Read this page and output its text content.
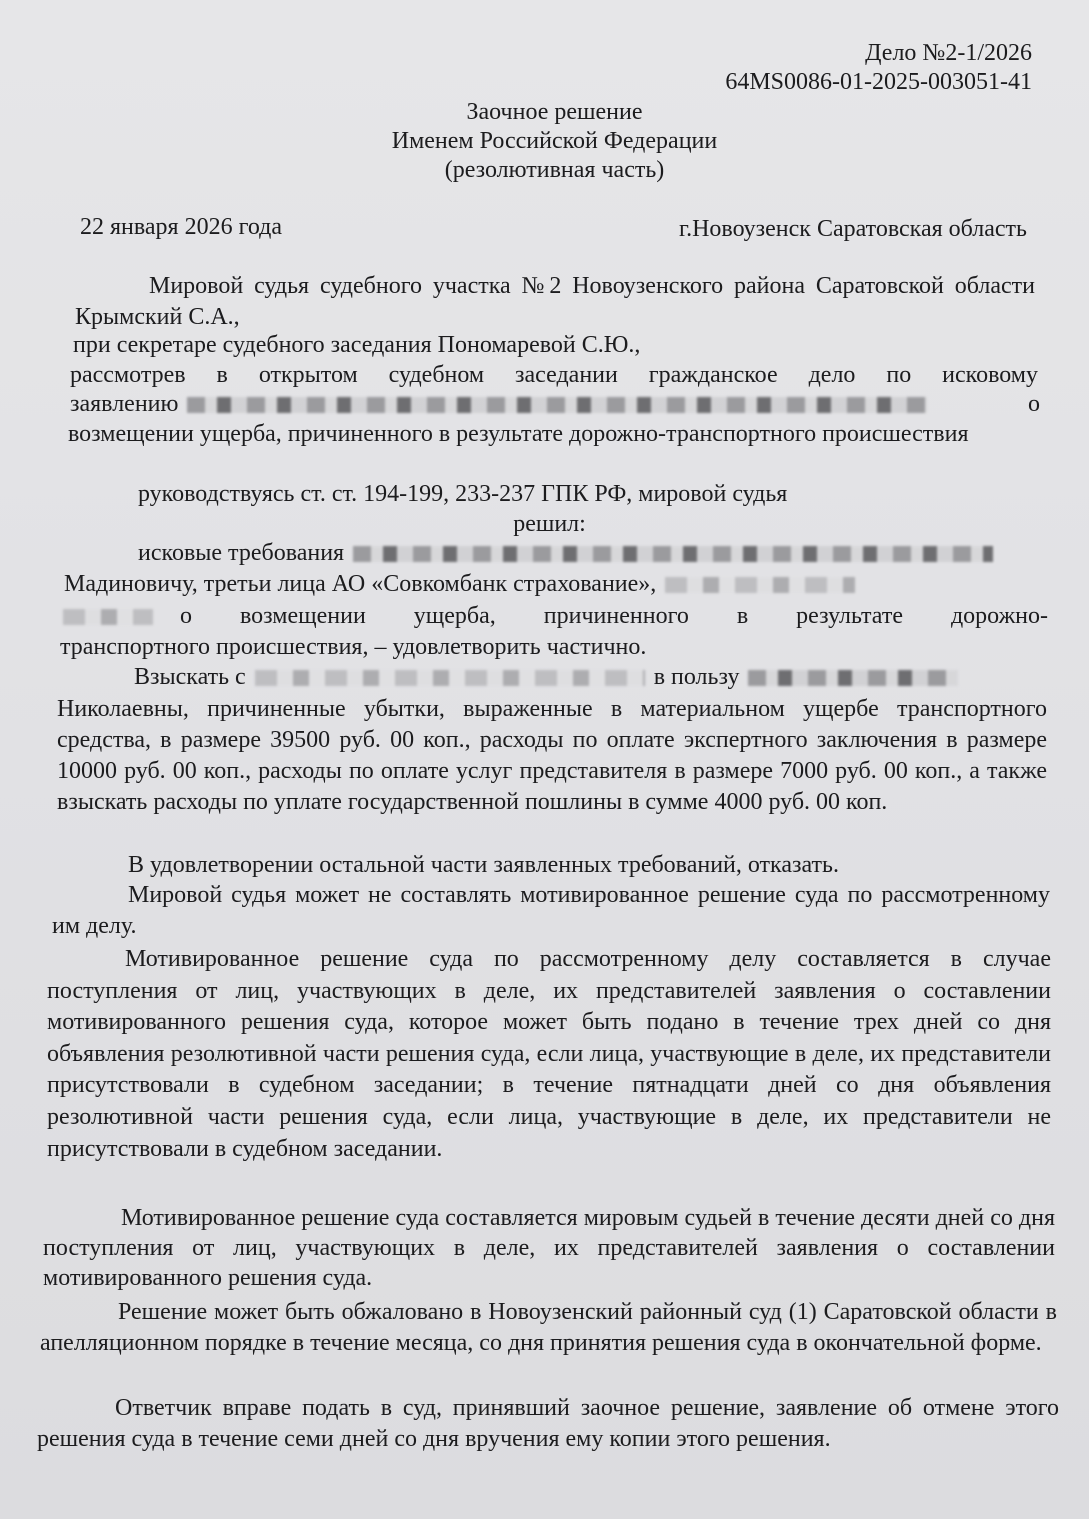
Дело №2-1/2026
64MS0086-01-2025-003051-41
Заочное решение
Именем Российской Федерации
(резолютивная часть)
22 января 2026 года	г.Новоузенск Саратовская область
Мировой судья судебного участка №2 Новоузенского района Саратовской области Крымский С.А.,
при секретаре судебного заседания Пономаревой С.Ю.,
рассмотрев в открытом судебном заседании гражданское дело по исковому
заявлению	о
возмещении ущерба, причиненного в результате дорожно-транспортного происшествия
руководствуясь ст. ст. 194-199, 233-237 ГПК РФ, мировой судья
решил:
исковые требования
Мадиновичу, третьи лица АО «Совкомбанк страхование»,
о возмещении ущерба, причиненного в результате дорожно-
транспортного происшествия, – удовлетворить частично.
Взыскать с	в пользу
Николаевны, причиненные убытки, выраженные в материальном ущербе транспортного средства, в размере 39500 руб. 00 коп., расходы по оплате экспертного заключения в размере 10000 руб. 00 коп., расходы по оплате услуг представителя в размере 7000 руб. 00 коп., а также взыскать расходы по уплате государственной пошлины в сумме 4000 руб. 00 коп.
В удовлетворении остальной части заявленных требований, отказать.
Мировой судья может не составлять мотивированное решение суда по рассмотренному им делу.
Мотивированное решение суда по рассмотренному делу составляется в случае поступления от лиц, участвующих в деле, их представителей заявления о составлении мотивированного решения суда, которое может быть подано в течение трех дней со дня объявления резолютивной части решения суда, если лица, участвующие в деле, их представители присутствовали в судебном заседании; в течение пятнадцати дней со дня объявления резолютивной части решения суда, если лица, участвующие в деле, их представители не присутствовали в судебном заседании.
Мотивированное решение суда составляется мировым судьей в течение десяти дней со дня поступления от лиц, участвующих в деле, их представителей заявления о составлении мотивированного решения суда.
Решение может быть обжаловано в Новоузенский районный суд (1) Саратовской области в апелляционном порядке в течение месяца, со дня принятия решения суда в окончательной форме.
Ответчик вправе подать в суд, принявший заочное решение, заявление об отмене этого решения суда в течение семи дней со дня вручения ему копии этого решения.
